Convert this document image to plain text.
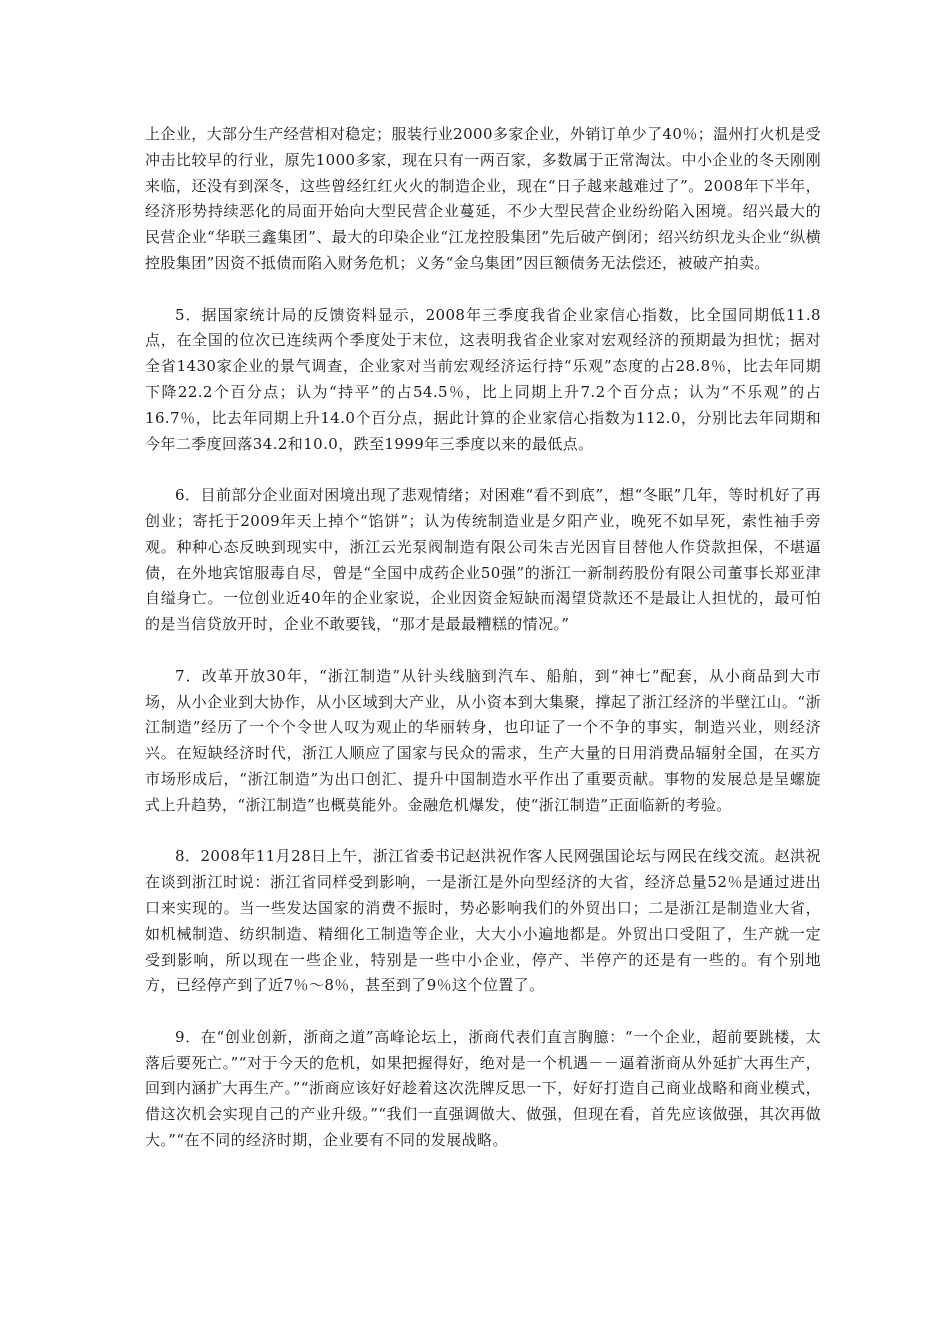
上企业，大部分生产经营相对稳定；服装行业2000多家企业，外销订单少了40％；温州打火机是受冲击比较早的行业，原先1000多家，现在只有一两百家，多数属于正常淘汰。中小企业的冬天刚刚来临，还没有到深冬，这些曾经红红火火的制造企业，现在“日子越来越难过了”。2008年下半年，经济形势持续恶化的局面开始向大型民营企业蔓延，不少大型民营企业纷纷陷入困境。绍兴最大的民营企业“华联三鑫集团”、最大的印染企业“江龙控股集团”先后破产倒闭；绍兴纺织龙头企业“纵横控股集团”因资不抵债而陷入财务危机；义务“金乌集团”因巨额债务无法偿还，被破产拍卖。

5．据国家统计局的反馈资料显示，2008年三季度我省企业家信心指数，比全国同期低11.8点，在全国的位次已连续两个季度处于末位，这表明我省企业家对宏观经济的预期最为担忧；据对全省1430家企业的景气调查，企业家对当前宏观经济运行持“乐观”态度的占28.8％，比去年同期下降22.2个百分点；认为“持平”的占54.5％，比上同期上升7.2个百分点；认为“不乐观”的占16.7％，比去年同期上升14.0个百分点，据此计算的企业家信心指数为112.0，分别比去年同期和今年二季度回落34.2和10.0，跌至1999年三季度以来的最低点。

6．目前部分企业面对困境出现了悲观情绪；对困难“看不到底”，想“冬眠”几年，等时机好了再创业；寄托于2009年天上掉个“馅饼”；认为传统制造业是夕阳产业，晚死不如早死，索性袖手旁观。种种心态反映到现实中，浙江云光泵阀制造有限公司朱吉光因盲目替他人作贷款担保，不堪逼债，在外地宾馆服毒自尽，曾是“全国中成药企业50强”的浙江一新制药股份有限公司董事长郑亚津自缢身亡。一位创业近40年的企业家说，企业因资金短缺而渴望贷款还不是最让人担忧的，最可怕的是当信贷放开时，企业不敢要钱，“那才是最最糟糕的情况。”

7．改革开放30年，“浙江制造”从针头线脑到汽车、船舶，到“神七”配套，从小商品到大市场，从小企业到大协作，从小区域到大产业，从小资本到大集聚，撑起了浙江经济的半壁江山。“浙江制造”经历了一个个令世人叹为观止的华丽转身，也印证了一个不争的事实，制造兴业，则经济兴。在短缺经济时代，浙江人顺应了国家与民众的需求，生产大量的日用消费品辐射全国，在买方市场形成后，“浙江制造”为出口创汇、提升中国制造水平作出了重要贡献。事物的发展总是呈螺旋式上升趋势，“浙江制造”也概莫能外。金融危机爆发，使“浙江制造”正面临新的考验。

8．2008年11月28日上午，浙江省委书记赵洪祝作客人民网强国论坛与网民在线交流。赵洪祝在谈到浙江时说：浙江省同样受到影响，一是浙江是外向型经济的大省，经济总量52％是通过进出口来实现的。当一些发达国家的消费不振时，势必影响我们的外贸出口；二是浙江是制造业大省，如机械制造、纺织制造、精细化工制造等企业，大大小小遍地都是。外贸出口受阻了，生产就一定受到影响，所以现在一些企业，特别是一些中小企业，停产、半停产的还是有一些的。有个别地方，已经停产到了近7％～8％，甚至到了9％这个位置了。

9．在“创业创新，浙商之道”高峰论坛上，浙商代表们直言胸臆：“一个企业，超前要跳楼，太落后要死亡。”“对于今天的危机，如果把握得好，绝对是一个机遇－－逼着浙商从外延扩大再生产，回到内涵扩大再生产。”“浙商应该好好趁着这次洗牌反思一下，好好打造自己商业战略和商业模式，借这次机会实现自己的产业升级。”“我们一直强调做大、做强，但现在看，首先应该做强，其次再做大。”“在不同的经济时期，企业要有不同的发展战略。
